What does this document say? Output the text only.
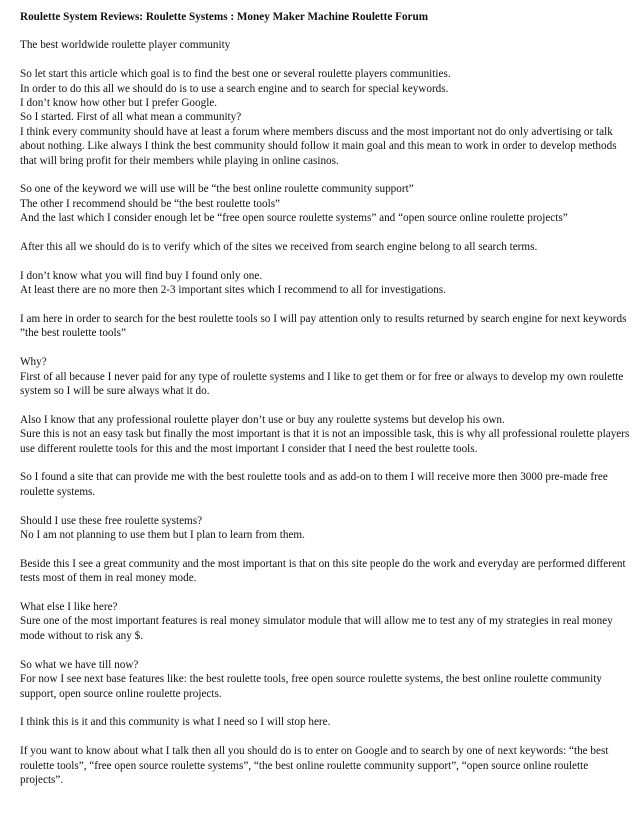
Roulette System Reviews: Roulette Systems : Money Maker Machine Roulette Forum
The best worldwide roulette player community
So let start this article which goal is to find the best one or several roulette players communities.
In order to do this all we should do is to use a search engine and to search for special keywords.
I don’t know how other but I prefer Google.
So I started. First of all what mean a community?
I think every community should have at least a forum where members discuss and the most important not do only advertising or talk about nothing. Like always I think the best community should follow it main goal and this mean to work in order to develop methods that will bring profit for their members while playing in online casinos.
So one of the keyword we will use will be “the best online roulette community support”
The other I recommend should be “the best roulette tools”
And the last which I consider enough let be “free open source roulette systems” and “open source online roulette projects”
After this all we should do is to verify which of the sites we received from search engine belong to all search terms.
I don’t know what you will find buy I found only one.
At least there are no more then 2-3 important sites which I recommend to all for investigations.
I am here in order to search for the best roulette tools so I will pay attention only to results returned by search engine for next keywords ”the best roulette tools”
Why?
First of all because I never paid for any type of roulette systems and I like to get them or for free or always to develop my own roulette system so I will be sure always what it do.
Also I know that any professional roulette player don’t use or buy any roulette systems but develop his own.
Sure this is not an easy task but finally the most important is that it is not an impossible task, this is why all professional roulette players use different roulette tools for this and the most important I consider that I need the best roulette tools.
So I found a site that can provide me with the best roulette tools and as add-on to them I will receive more then 3000 pre-made free roulette systems.
Should I use these free roulette systems?
No I am not planning to use them but I plan to learn from them.
Beside this I see a great community and the most important is that on this site people do the work and everyday are performed different tests most of them in real money mode.
What else I like here?
Sure one of the most important features is real money simulator module that will allow me to test any of my strategies in real money mode without to risk any $.
So what we have till now?
For now I see next base features like: the best roulette tools, free open source roulette systems, the best online roulette community support, open source online roulette projects.
I think this is it and this community is what I need so I will stop here.
If you want to know about what I talk then all you should do is to enter on Google and to search by one of next keywords: “the best roulette tools”, “free open source roulette systems”, “the best online roulette community support”, “open source online roulette projects”.
